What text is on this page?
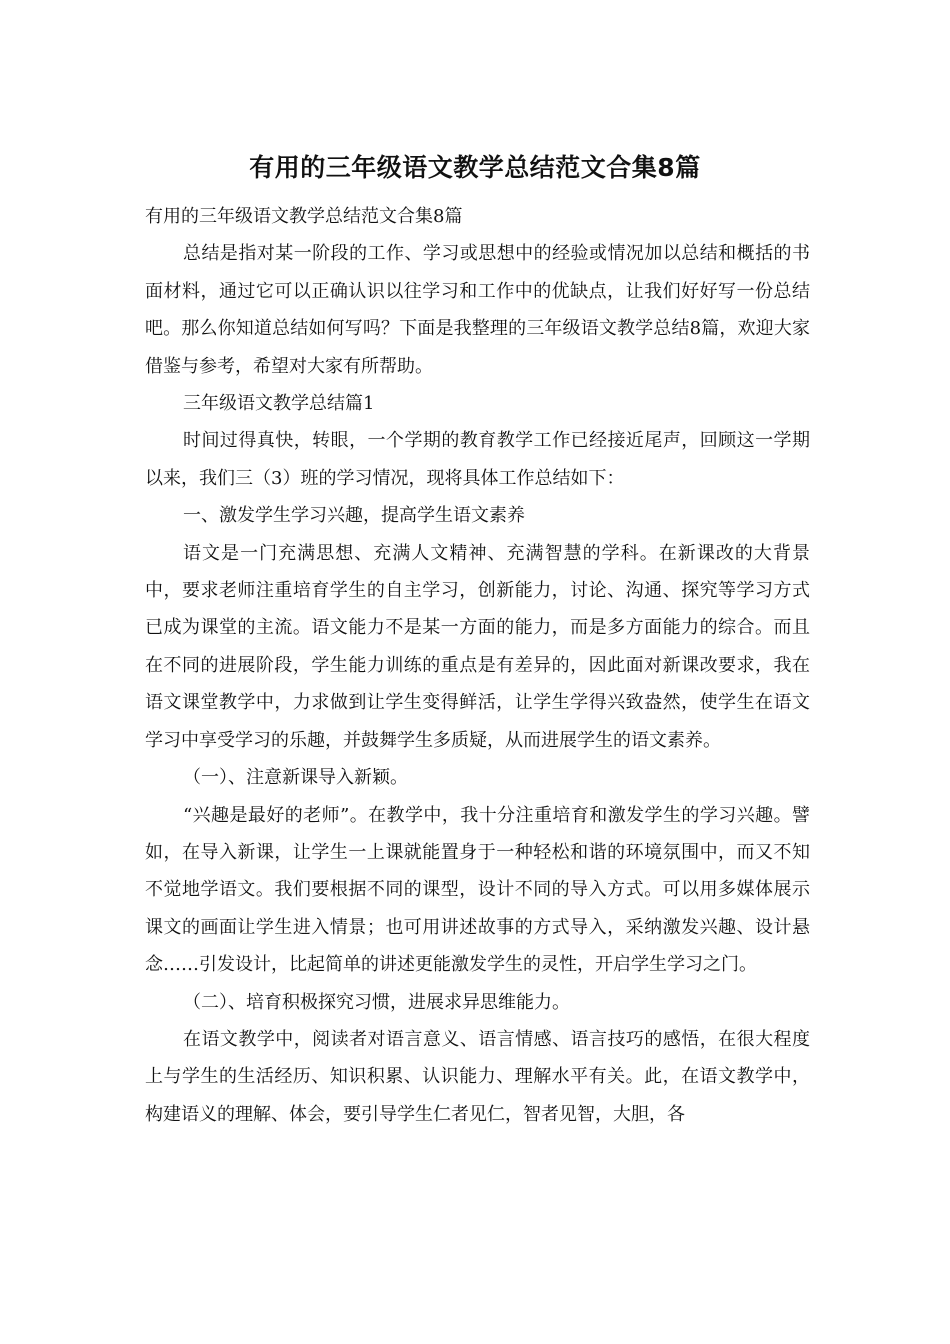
有用的三年级语文教学总结范文合集8篇

有用的三年级语文教学总结范文合集8篇

总结是指对某一阶段的工作、学习或思想中的经验或情况加以总结和概括的书面材料，通过它可以正确认识以往学习和工作中的优缺点，让我们好好写一份总结吧。那么你知道总结如何写吗？下面是我整理的三年级语文教学总结8篇，欢迎大家借鉴与参考，希望对大家有所帮助。

三年级语文教学总结篇1

时间过得真快，转眼，一个学期的教育教学工作已经接近尾声，回顾这一学期以来，我们三（3）班的学习情况，现将具体工作总结如下：

一、激发学生学习兴趣，提高学生语文素养

语文是一门充满思想、充满人文精神、充满智慧的学科。在新课改的大背景中，要求老师注重培育学生的自主学习，创新能力，讨论、沟通、探究等学习方式已成为课堂的主流。语文能力不是某一方面的能力，而是多方面能力的综合。而且在不同的进展阶段，学生能力训练的重点是有差异的，因此面对新课改要求，我在语文课堂教学中，力求做到让学生变得鲜活，让学生学得兴致盎然，使学生在语文学习中享受学习的乐趣，并鼓舞学生多质疑，从而进展学生的语文素养。

（一）、注意新课导入新颖。

“兴趣是最好的老师”。在教学中，我十分注重培育和激发学生的学习兴趣。譬如，在导入新课，让学生一上课就能置身于一种轻松和谐的环境氛围中，而又不知不觉地学语文。我们要根据不同的课型，设计不同的导入方式。可以用多媒体展示课文的画面让学生进入情景；也可用讲述故事的方式导入，采纳激发兴趣、设计悬念……引发设计，比起简单的讲述更能激发学生的灵性，开启学生学习之门。

（二）、培育积极探究习惯，进展求异思维能力。

在语文教学中，阅读者对语言意义、语言情感、语言技巧的感悟，在很大程度上与学生的生活经历、知识积累、认识能力、理解水平有关。此，在语文教学中，构建语义的理解、体会，要引导学生仁者见仁，智者见智，大胆，各
